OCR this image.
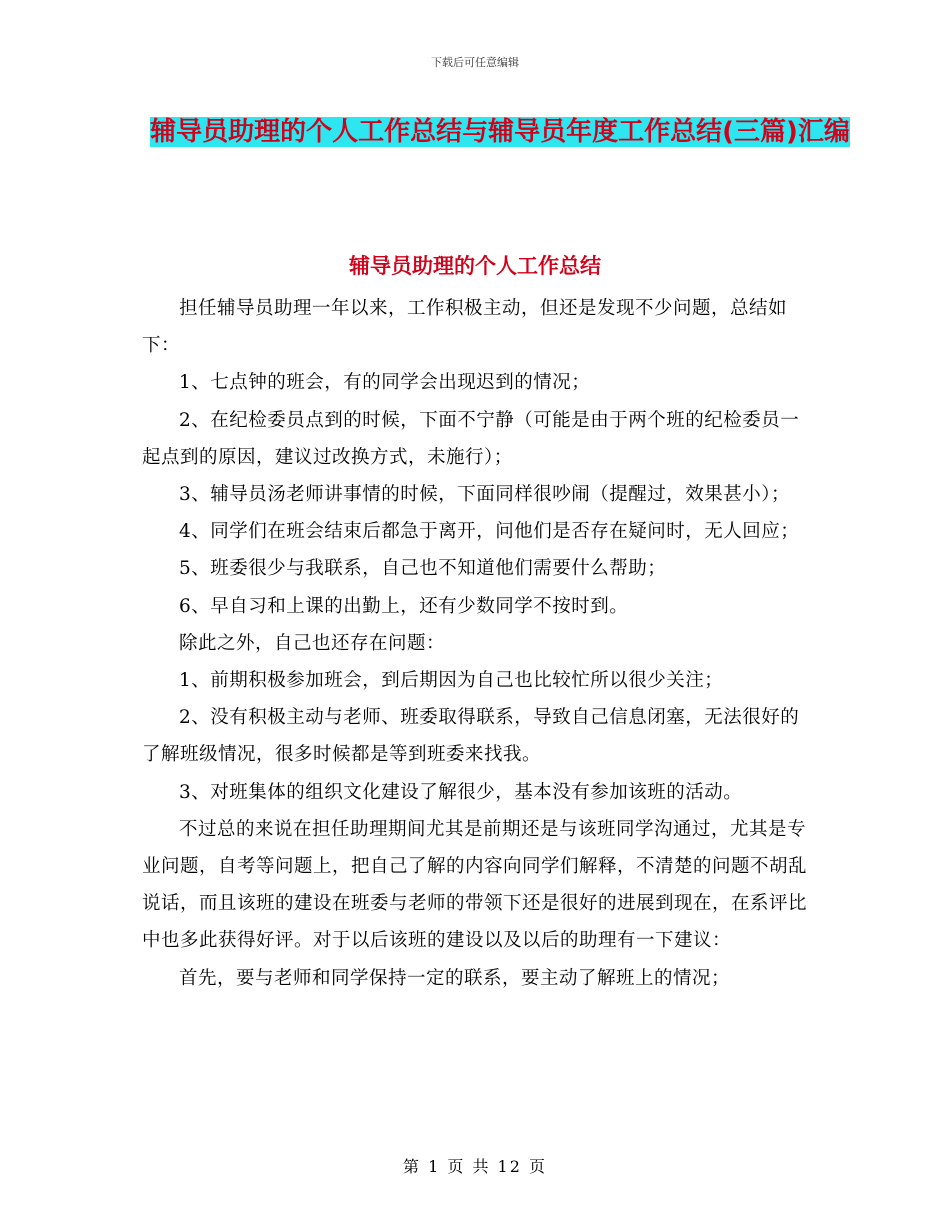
下载后可任意编辑
辅导员助理的个人工作总结与辅导员年度工作总结(三篇)汇编
辅导员助理的个人工作总结

担任辅导员助理一年以来，工作积极主动，但还是发现不少问题，总结如下：

1、七点钟的班会，有的同学会出现迟到的情况；

2、在纪检委员点到的时候，下面不宁静（可能是由于两个班的纪检委员一起点到的原因，建议过改换方式，未施行）；

3、辅导员汤老师讲事情的时候，下面同样很吵闹（提醒过，效果甚小）；

4、同学们在班会结束后都急于离开，问他们是否存在疑问时，无人回应；

5、班委很少与我联系，自己也不知道他们需要什么帮助；

6、早自习和上课的出勤上，还有少数同学不按时到。

除此之外，自己也还存在问题：

1、前期积极参加班会，到后期因为自己也比较忙所以很少关注；

2、没有积极主动与老师、班委取得联系，导致自己信息闭塞，无法很好的了解班级情况，很多时候都是等到班委来找我。

3、对班集体的组织文化建设了解很少，基本没有参加该班的活动。

不过总的来说在担任助理期间尤其是前期还是与该班同学沟通过，尤其是专业问题，自考等问题上，把自己了解的内容向同学们解释，不清楚的问题不胡乱说话，而且该班的建设在班委与老师的带领下还是很好的进展到现在，在系评比中也多此获得好评。对于以后该班的建设以及以后的助理有一下建议：

首先，要与老师和同学保持一定的联系，要主动了解班上的情况；

第 1 页 共 12 页
